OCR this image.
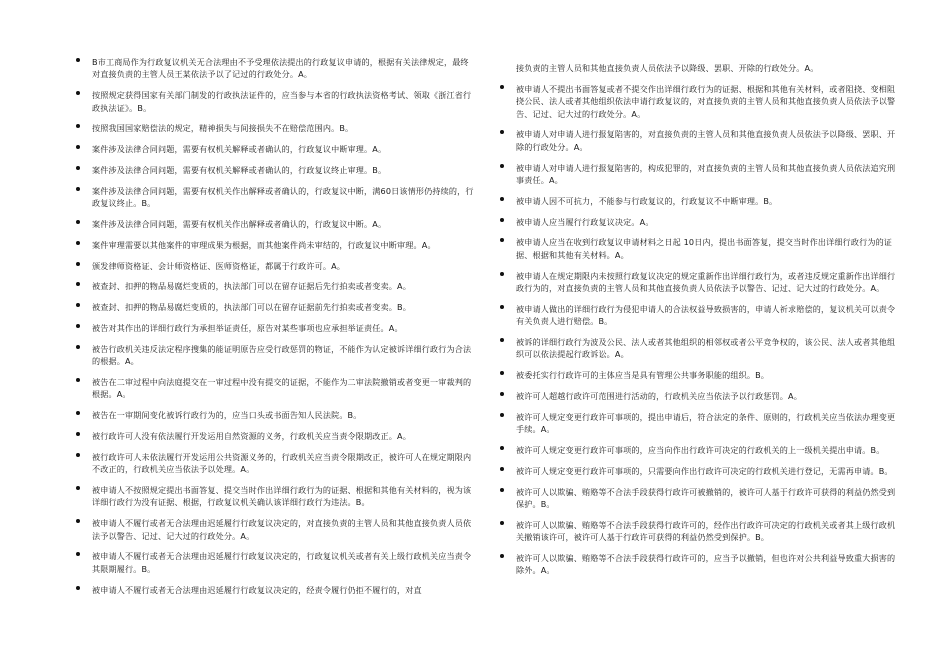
B市工商局作为行政复议机关无合法理由不予受理依法提出的行政复议申请的，根据有关法律规定，最终对直接负责的主管人员王某依法予以了记过的行政处分。A。
按照规定获得国家有关部门制发的行政执法证件的，应当参与本省的行政执法资格考试、领取《浙江省行政执法证》。B。
按照我国国家赔偿法的规定，精神损失与间接损失不在赔偿范围内。B。
案件涉及法律合同问题，需要有权机关解释或者确认的，行政复议中断审理。A。
案件涉及法律合同问题，需要有权机关解释或者确认的，行政复议终止审理。B。
案件涉及法律合同问题，需要有权机关作出解释或者确认的，行政复议中断，满60日该情形仍持续的，行政复议终止。B。
案件涉及法律合同问题，需要有权机关作出解释或者确认的，行政复议中断。A。
案件审理需要以其他案件的审理成果为根据，而其他案件尚未审结的，行政复议中断审理。A。
颁发律师资格证、会计师资格证、医师资格证，都属于行政许可。A。
被查封、扣押的物品易腐烂变质的，执法部门可以在留存证据后先行拍卖或者变卖。A。
被查封、扣押的物品易腐烂变质的，执法部门可以在留存证据前先行拍卖或者变卖。B。
被告对其作出的详细行政行为承担举证责任，原告对某些事项也应承担举证责任。A。
被告行政机关违反法定程序搜集的能证明原告应受行政惩罚的物证，不能作为认定被诉详细行政行为合法的根据。A。
被告在二审过程中向法庭提交在一审过程中没有提交的证据，不能作为二审法院撤销或者变更一审裁判的根据。A。
被告在一审期间变化被诉行政行为的，应当口头或书面告知人民法院。B。
被行政许可人没有依法履行开发运用自然资源的义务，行政机关应当责令限期改正。A。
被行政许可人未依法履行开发运用公共资源义务的，行政机关应当责令限期改正，被许可人在规定期限内不改正的，行政机关应当依法予以处理。A。
被申请人不按照规定提出书面答复、提交当时作出详细行政行为的证据、根据和其他有关材料的，视为该详细行政行为没有证据、根据，行政复议机关确认该详细行政行为违法。B。
被申请人不履行或者无合法理由迟延履行行政复议决定的，对直接负责的主管人员和其他直接负责人员依法予以警告、记过、记大过的行政处分。A。
被申请人不履行或者无合法理由迟延履行行政复议决定的，行政复议机关或者有关上级行政机关应当责令其限期履行。B。
被申请人不履行或者无合法理由迟延履行行政复议决定的，经责令履行仍拒不履行的，对直
接负责的主管人员和其他直接负责人员依法予以降级、罢职、开除的行政处分。A。
被申请人不提出书面答复或者不提交作出详细行政行为的证据、根据和其他有关材料，或者阻挠、变相阻挠公民、法人或者其他组织依法申请行政复议的，对直接负责的主管人员和其他直接负责人员依法予以警告、记过、记大过的行政处分。A。
被申请人对申请人进行报复陷害的，对直接负责的主管人员和其他直接负责人员依法予以降级、罢职、开除的行政处分。A。
被申请人对申请人进行报复陷害的，构成犯罪的，对直接负责的主管人员和其他直接负责人员依法追究刑事责任。A。
被申请人因不可抗力，不能参与行政复议的，行政复议不中断审理。B。
被申请人应当履行行政复议决定。A。
被申请人应当在收到行政复议申请材料之日起 10日内，提出书面答复，提交当时作出详细行政行为的证据、根据和其他有关材料。A。
被申请人在规定期限内未按照行政复议决定的规定重新作出详细行政行为，或者违反规定重新作出详细行政行为的，对直接负责的主管人员和其他直接负责人员依法予以警告、记过、记大过的行政处分。A。
被申请人做出的详细行政行为侵犯申请人的合法权益导致损害的，申请人祈求赔偿的，复议机关可以责令有关负责人进行赔偿。B。
被诉的详细行政行为波及公民、法人或者其他组织的相邻权或者公平竞争权的，该公民、法人或者其他组织可以依法提起行政诉讼。A。
被委托实行行政许可的主体应当是具有管理公共事务职能的组织。B。
被许可人超越行政许可范围进行活动的，行政机关应当依法予以行政惩罚。A。
被许可人规定变更行政许可事项的，提出申请后，符合法定的条件、原则的，行政机关应当依法办理变更手续。A。
被许可人规定变更行政许可事项的，应当向作出行政许可决定的行政机关的上一级机关提出申请。B。
被许可人规定变更行政许可事项的，只需要向作出行政许可决定的行政机关进行登记，无需再申请。B。
被许可人以欺骗、贿赂等不合法手段获得行政许可被撤销的，被许可人基于行政许可获得的利益仍然受到保护。B。
被许可人以欺骗、贿赂等不合法手段获得行政许可的，经作出行政许可决定的行政机关或者其上级行政机关撤销该许可，被许可人基于行政许可获得的利益仍然受到保护。B。
被许可人以欺骗、贿赂等不合法手段获得行政许可的，应当予以撤销，但也许对公共利益导致重大损害的除外。A。
